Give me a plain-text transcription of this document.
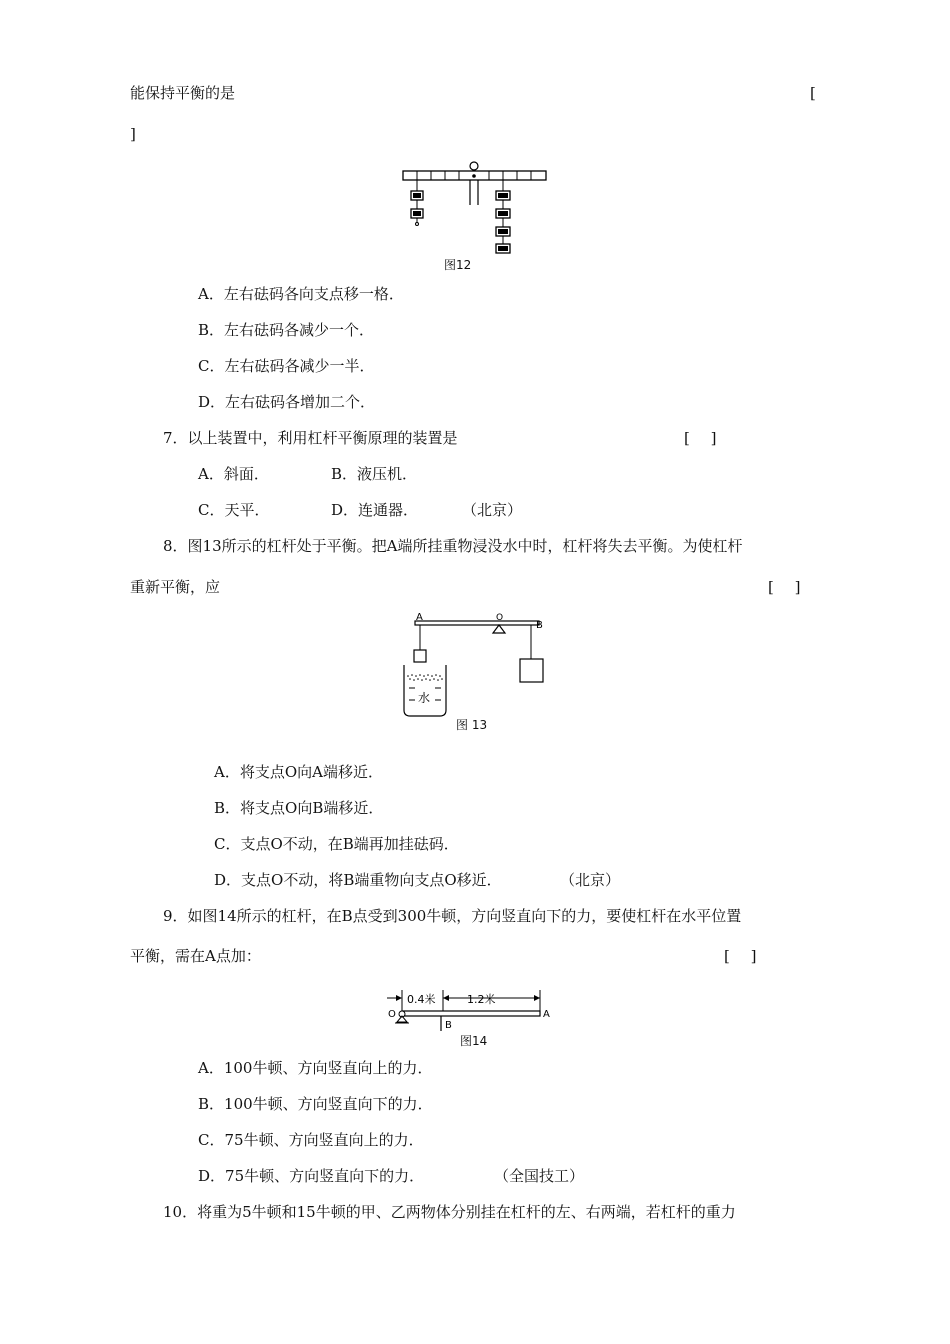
能保持平衡的是	[
]
图12
A．左右砝码各向支点移一格．
B．左右砝码各减少一个．
C．左右砝码各减少一半．
D．左右砝码各增加二个．
7．以上装置中，利用杠杆平衡原理的装置是	[ ]
A．斜面．	B．液压机．
C．天平．	D．连通器．	（北京）
8．图13所示的杠杆处于平衡。把A端所挂重物浸没水中时，杠杆将失去平衡。为使杠杆
重新平衡，应	[ ]
A	O
B
水
图 13
A．将支点O向A端移近．
B．将支点O向B端移近．
C．支点O不动，在B端再加挂砝码．
D．支点O不动，将B端重物向支点O移近．	（北京）
9．如图14所示的杠杆，在B点受到300牛顿，方向竖直向下的力，要使杠杆在水平位置
平衡，需在A点加：	[ ]
0.4米	1.2米
O
B
A
图14
A．100牛顿、方向竖直向上的力．
B．100牛顿、方向竖直向下的力．
C．75牛顿、方向竖直向上的力．
D．75牛顿、方向竖直向下的力．	（全国技工）
10．将重为5牛顿和15牛顿的甲、乙两物体分别挂在杠杆的左、右两端，若杠杆的重力
